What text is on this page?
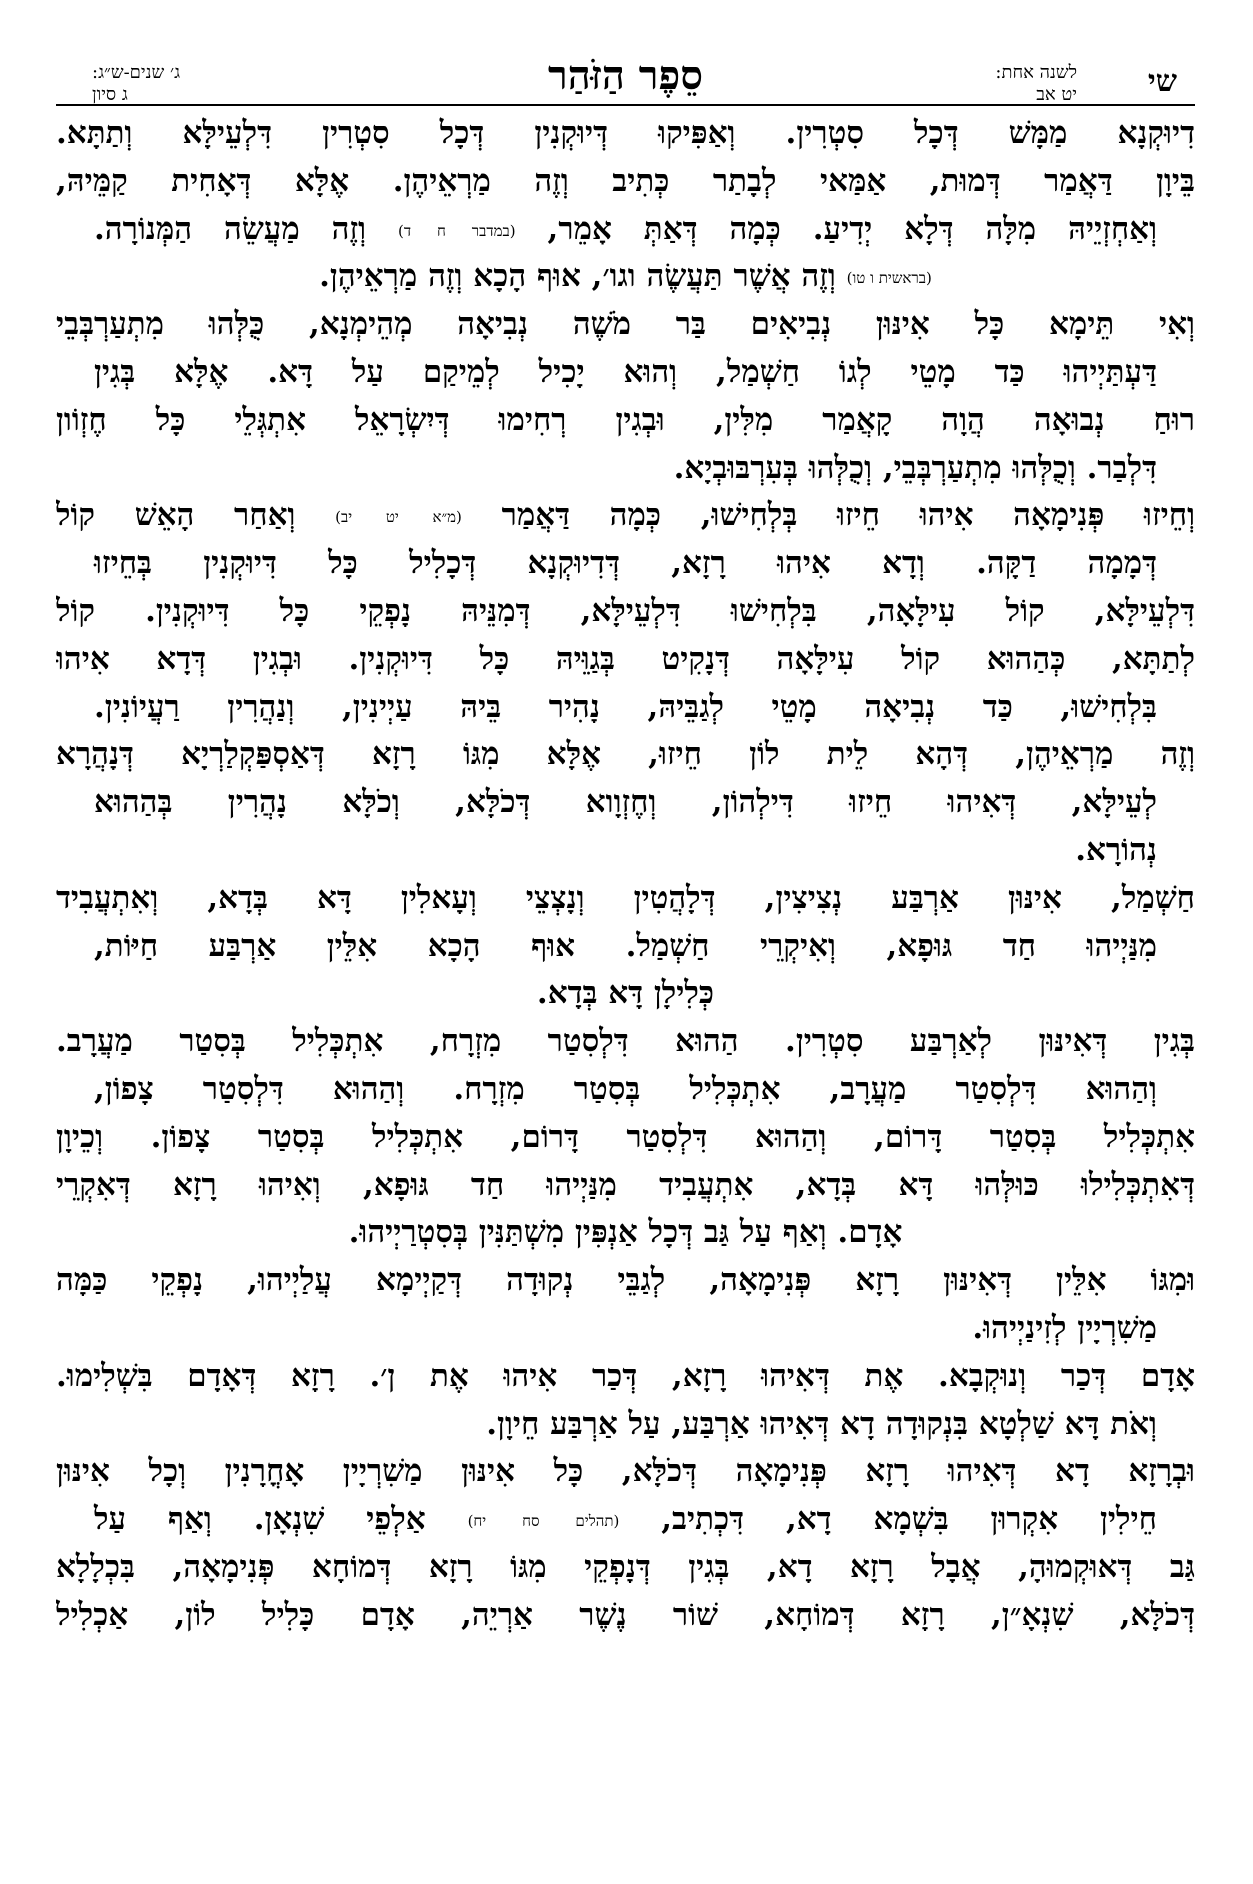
שי
לשנה אחת:
יט אב
סֵפֶר הַזֹּהַר
ג׳ שנים-ש״ג:
ג סיון
דִיוּקְנָא מַמָּשׁ דְּכָל סִטְרִין. וְאַפִּיקוּ דְּיוּקְנִין דְּכָל סִטְרִין דִּלְעֵילָּא וְתַתָּא.
בֵּיוָן דַּאֲמַר דְּמוּת, אַמַּאי לְבָתַר כְּתִיב וְזֶה מַרְאֵיהֶן. אֶלָּא דְּאָחִית קַמֵּיהּ,
וְאַחְזְיֵיהּ מִלָּה דְּלָא יְדִיעַ. כְּמָה דְּאַתְּ אָמֵר, (במדבר ח ד) וְזֶה מַעֲשֵׂה הַמְּנוֹרָה.
(בראשית ו טו) וְזֶה אֲשֶׁר תַּעֲשֶׂה וגו׳, אוּף הָכָא וְזֶה מַרְאֵיהֶן.
וְאִי תֵּימָא כָּל אִינּוּן נְבִיאִים בַּר מֹשֶׁה נְבִיאָה מְהֵימְנָא, כֻּלְּהוּ מִתְעַרְבְּבֵי
דַּעְתַּיְיהוּ כַּד מָטֵי לְגוֹ חַשְׁמַל, וְהוּא יָכִיל לְמֵיקַם עַל דָּא. אֶלָּא בְּגִין
רוּחַ נְבוּאָה הֲוָה קָאֲמַר מִלִּין, וּבְגִין רְחִימוּ דְּיִשְׂרָאֵל אִתְגְּלֵי כָּל חֶזְוֹון
דִּלְבַר. וְכֻלְּהוּ מִתְעַרְבְּבֵי, וְכֻלְּהוּ בְּעִרְבּוּבְיָא.
וְחֵיזוּ פְּנִימָאָה אִיהוּ חֵיזוּ בְּלְחִישׁוּ, כְּמָה דַּאֲמַר (מ״א יט יב) וְאַחַר הָאֵשׁ קוֹל
דְּמָמָה דַקָּה. וְדָא אִיהוּ רָזָא, דְּדִיוּקְנָא דְּכָלִיל כָּל דִּיוּקְנִין בְּחֵיזוּ
דִּלְעֵילָּא, קוֹל עִילָּאָה, בִּלְחִישׁוּ דִּלְעֵילָּא, דְּמִנֵּיהּ נָפְקֵי כָּל דִּיוּקְנִין. קוֹל
לְתַתָּא, כְּהַהוּא קוֹל עִילָּאָה דְּנָקִיט בְּגַוֵּיהּ כָּל דִּיוּקְנִין. וּבְגִין דְּדָא אִיהוּ
בִּלְחִישׁוּ, כַּד נְבִיאָה מָטֵי לְגַבֵּיהּ, נָהִיר בֵּיהּ עַיְינִין, וְנַהֲרִין רַעֲיוֹנִין.
וְזֶה מַרְאֵיהֶן, דְּהָא לֵית לוֹן חֵיזוּ, אֶלָּא מִגּוֹ רָזָא דְּאַסְפַּקְלַרְיָא דְּנָהֲרָא
לְעֵילָּא, דְּאִיהוּ חֵיזוּ דִּילְהוֹן, וְחֶזְוָוא דְּכֹלָּא, וְכֹלָּא נָהֲרִין בְּהַהוּא
נְהוֹרָא.
חַשְׁמַל, אִינּוּן אַרְבַּע נְצִיצִין, דְּלָהֲטִין וְנָצְצֵי וְעָאלִין דָּא בְּדָא, וְאִתְעֲבִיד
מִנַּיְיהוּ חַד גּוּפָא, וְאִיקְרֵי חַשְׁמַל. אוּף הָכָא אִלֵּין אַרְבַּע חַיּוֹת,
כְּלִילָן דָּא בְּדָא.
בְּגִין דְּאִינּוּן לְאַרְבַּע סִטְרִין. הַהוּא דִּלְסִטַר מִזְרָח, אִתְכְּלִיל בְּסִטַר מַעֲרָב.
וְהַהוּא דִּלְסִטַר מַעֲרָב, אִתְכְּלִיל בְּסִטַר מִזְרָח. וְהַהוּא דִּלְסִטַר צָפוֹן,
אִתְכְּלִיל בְּסִטַר דָּרוֹם, וְהַהוּא דִּלְסִטַר דָּרוֹם, אִתְכְּלִיל בְּסִטַר צָפוֹן. וְכֵיוָן
דְּאִתְכְּלִילוּ כּוּלְּהוּ דָּא בְּדָא, אִתְעֲבִיד מִנַּיְיהוּ חַד גּוּפָא, וְאִיהוּ רָזָא דְּאִקְרֵי
אָדָם. וְאַף עַל גַּב דְּכָל אַנְפִּין מִשְׁתַּנִּין בְּסִטְרַיְיהוּ.
וּמִגּוֹ אִלֵּין דְּאִינּוּן רָזָא פְּנִימָאָה, לְגַבֵּי נְקוּדָה דְּקַיְימָא עֲלַיְיהוּ, נָפְקֵי כַּמָּה
מַשִׁרְיָין לְזִינַיְיהוּ.
אָדָם דְּכַר וְנוּקְבָא. אֶת דְּאִיהוּ רָזָא, דְּכַר אִיהוּ אֶת ן׳. רָזָא דְּאָדָם בִּשְׁלִימוּ.
וְאֹת דָּא שַׁלְטָא בִּנְקוּדָה דָא דְּאִיהוּ אַרְבַּע, עַל אַרְבַּע חֵיוָן.
וּבְרָזָא דָא דְּאִיהוּ רָזָא פְּנִימָאָה דְּכֹלָּא, כָּל אִינּוּן מַשִׁרְיָין אָחֳרָנִין וְכָל אִינּוּן
חֵילִין אִקְרוּן בִּשְׁמָא דָא, דִּכְתִיב, (תהלים סח יח) אַלְפֵי שִׁנְאָן. וְאַף עַל
גַּב דְּאוּקְמוּהָ, אֲבָל רָזָא דָא, בְּגִין דְּנָפְקֵי מִגּוֹ רָזָא דְּמוֹחָא פְּנִימָאָה, בִּכְלָלָא
דְּכֹלָּא, שִׁנְאָ״ן, רָזָא דְּמוֹחָא, שׁוֹר נֶשֶׁר אַרְיֵה, אָדָם כָּלִיל לוֹן, אַכְלִיל
